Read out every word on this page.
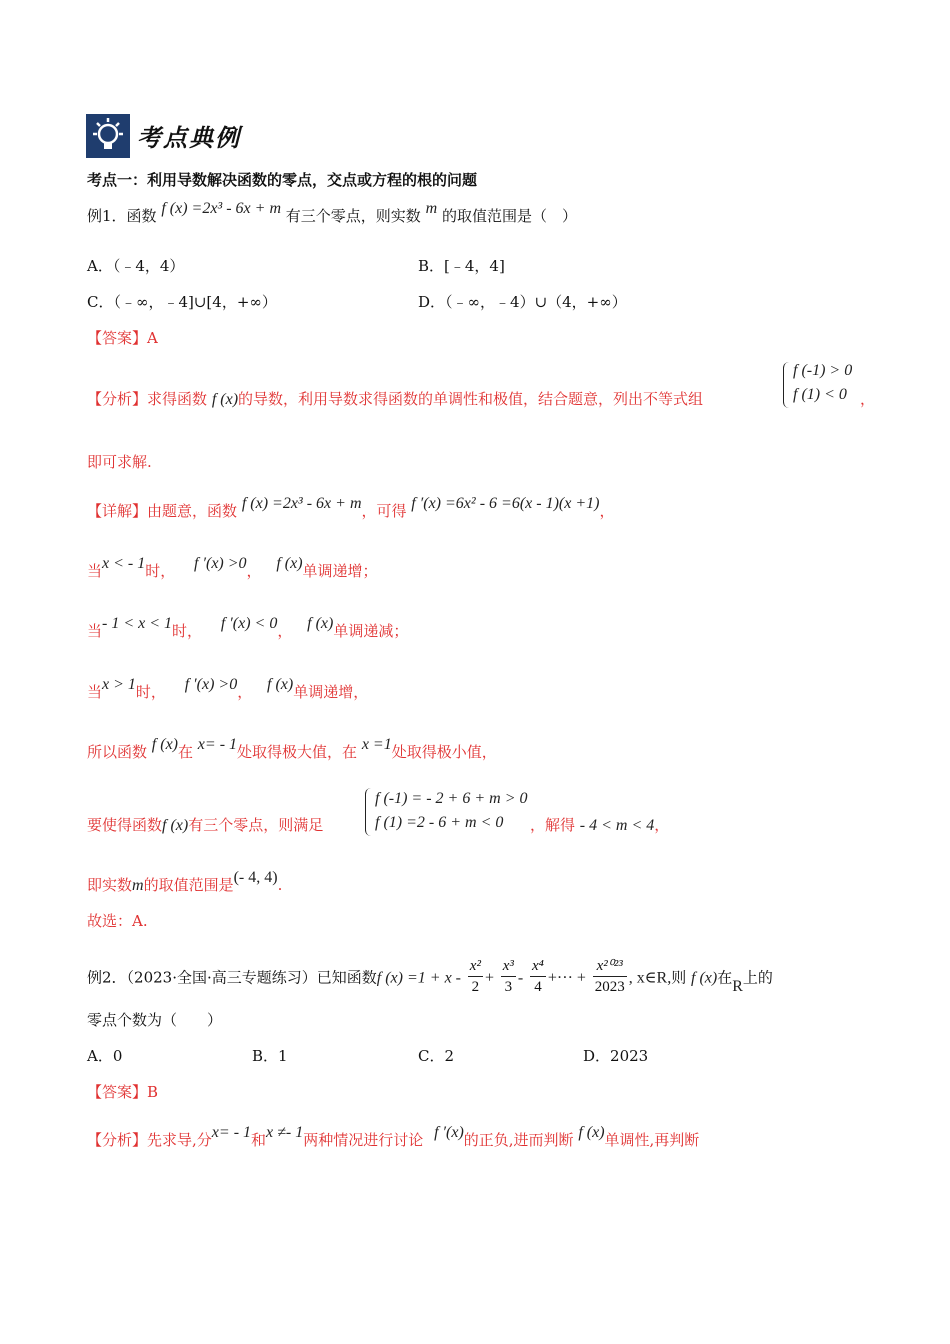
考点典例
考点一：利用导数解决函数的零点，交点或方程的根的问题
例1．函数 f (x) =2x³ - 6x + m 有三个零点，则实数 m 的取值范围是（　）
A．（﹣4，4）	B．[﹣4，4]
C．（﹣∞，﹣4]∪[4，+∞）	D．（﹣∞，﹣4）∪（4，+∞）
【答案】A
【分析】求得函数 f (x)的导数，利用导数求得函数的单调性和极值，结合题意，列出不等式组
f (-1) > 0
f (1) < 0 ，
即可求解.
【详解】由题意，函数 f (x) =2x³ - 6x + m，可得 f ′(x) =6x² - 6 =6(x - 1)(x +1)，
当x < - 1时， f ′(x) >0， f (x)单调递增；
当- 1 < x < 1时， f ′(x) < 0， f (x)单调递减；
当x > 1时， f ′(x) >0， f (x)单调递增，
所以函数 f (x)在 x= - 1处取得极大值，在 x =1处取得极小值，
要使得函数f (x)有三个零点，则满足
f (-1) = - 2 + 6 + m > 0
f (1) =2 - 6 + m < 0 ，解得 - 4 < m < 4，
即实数m的取值范围是(- 4, 4).
故选：A.
例2．（2023·全国·高三专题练习）已知函数f $(x) =1 + x - \frac{\text{x²}}{2} + \frac{\text{x³}}{3} - \frac{\text{x⁴}}{4}$ +··· + $\frac{\text{x²⁰²³}}{2023}$ , x∈R,则 f (x)在R上的
零点个数为（　　）
A．0	B．1	C．2	D．2023
【答案】B
【分析】先求导,分x= - 1和x ≠- 1两种情况进行讨论 f ′(x)的正负,进而判断 f (x)单调性,再判断
